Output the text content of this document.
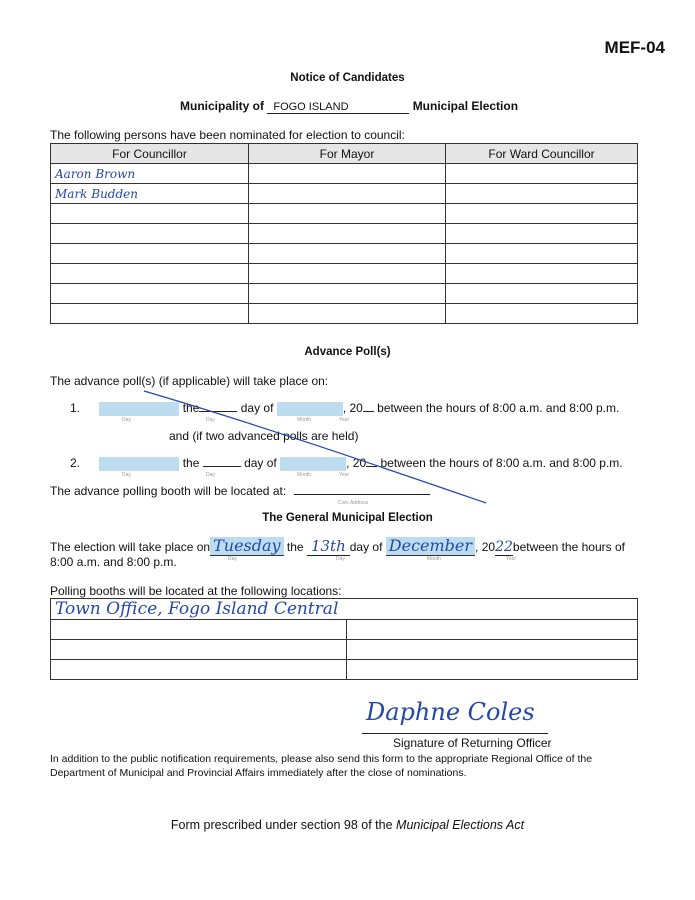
MEF-04
Notice of Candidates
Municipality of FOGO ISLAND	Municipal Election
The following persons have been nominated for election to council:
For Councillor	For Mayor	For Ward Councillor
Aaron Brown		
Mark Budden		

Advance Poll(s)
The advance poll(s) (if applicable) will take place on:
1.	the	day of	, 20 between the hours of 8:00 a.m. and 8:00 p.m.
Day	Day	Month	Year
and (if two advanced polls are held)
2.	the	day of	, 20 between the hours of 8:00 a.m. and 8:00 p.m.
Day	Day	Month	Year
The advance polling booth will be located at:
Civic Address
The General Municipal Election
The election will take place on Tuesday the 13th day of December , 2022between the hours of
8:00 a.m. and 8:00 p.m.	Day	Day	Month	Year
Polling booths will be located at the following locations:
Town Office, Fogo Island Central	

Daphne Coles
Signature of Returning Officer
In addition to the public notification requirements, please also send this form to the appropriate Regional Office of the Department of Municipal and Provincial Affairs immediately after the close of nominations.
Form prescribed under section 98 of the Municipal Elections Act
